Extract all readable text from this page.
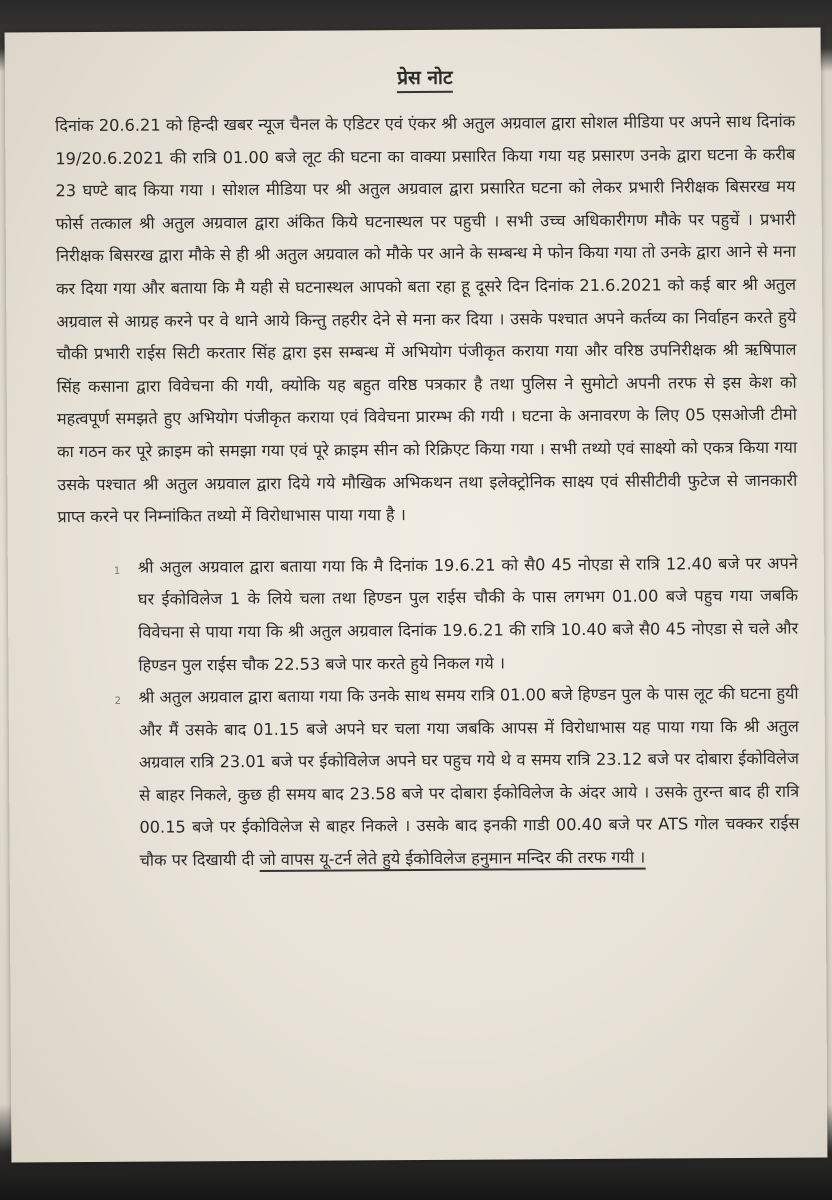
प्रेस नोट

दिनांक 20.6.21 को हिन्दी खबर न्यूज चैनल के एडिटर एवं एंकर श्री अतुल अग्रवाल द्वारा सोशल मीडिया पर अपने साथ दिनांक 19/20.6.2021 की रात्रि 01.00 बजे लूट की घटना का वाक्या प्रसारित किया गया यह प्रसारण उनके द्वारा घटना के करीब 23 घण्टे बाद किया गया । सोशल मीडिया पर श्री अतुल अग्रवाल द्वारा प्रसारित घटना को लेकर प्रभारी निरीक्षक बिसरख मय फोर्स तत्काल श्री अतुल अग्रवाल द्वारा अंकित किये घटनास्थल पर पहुची । सभी उच्च अधिकारीगण मौके पर पहुचें । प्रभारी निरीक्षक बिसरख द्वारा मौके से ही श्री अतुल अग्रवाल को मौके पर आने के सम्बन्ध मे फोन किया गया तो उनके द्वारा आने से मना कर दिया गया और बताया कि मै यही से घटनास्थल आपको बता रहा हू दूसरे दिन दिनांक 21.6.2021 को कई बार श्री अतुल अग्रवाल से आग्रह करने पर वे थाने आये किन्तु तहरीर देने से मना कर दिया । उसके पश्चात अपने कर्तव्य का निर्वाहन करते हुये चौकी प्रभारी राईस सिटी करतार सिंह द्वारा इस सम्बन्ध में अभियोग पंजीकृत कराया गया और वरिष्ठ उपनिरीक्षक श्री ऋषिपाल सिंह कसाना द्वारा विवेचना की गयी, क्योकि यह बहुत वरिष्ठ पत्रकार है तथा पुलिस ने सुमोटो अपनी तरफ से इस केश को महत्वपूर्ण समझते हुए अभियोग पंजीकृत कराया एवं विवेचना प्रारम्भ की गयी । घटना के अनावरण के लिए 05 एसओजी टीमो का गठन कर पूरे क्राइम को समझा गया एवं पूरे क्राइम सीन को रिक्रिएट किया गया । सभी तथ्यो एवं साक्ष्यो को एकत्र किया गया उसके पश्चात श्री अतुल अग्रवाल द्वारा दिये गये मौखिक अभिकथन तथा इलेक्ट्रोनिक साक्ष्य एवं सीसीटीवी फुटेज से जानकारी प्राप्त करने पर निम्नांकित तथ्यो में विरोधाभास पाया गया है ।

1 श्री अतुल अग्रवाल द्वारा बताया गया कि मै दिनांक 19.6.21 को सै0 45 नोएडा से रात्रि 12.40 बजे पर अपने घर ईकोविलेज 1 के लिये चला तथा हिण्डन पुल राईस चौकी के पास लगभग 01.00 बजे पहुच गया जबकि विवेचना से पाया गया कि श्री अतुल अग्रवाल दिनांक 19.6.21 की रात्रि 10.40 बजे सै0 45 नोएडा से चले और हिण्डन पुल राईस चौक 22.53 बजे पार करते हुये निकल गये ।
2 श्री अतुल अग्रवाल द्वारा बताया गया कि उनके साथ समय रात्रि 01.00 बजे हिण्डन पुल के पास लूट की घटना हुयी और मैं उसके बाद 01.15 बजे अपने घर चला गया जबकि आपस में विरोधाभास यह पाया गया कि श्री अतुल अग्रवाल रात्रि 23.01 बजे पर ईकोविलेज अपने घर पहुच गये थे व समय रात्रि 23.12 बजे पर दोबारा ईकोविलेज से बाहर निकले, कुछ ही समय बाद 23.58 बजे पर दोबारा ईकोविलेज के अंदर आये । उसके तुरन्त बाद ही रात्रि 00.15 बजे पर ईकोविलेज से बाहर निकले । उसके बाद इनकी गाडी 00.40 बजे पर ATS गोल चक्कर राईस चौक पर दिखायी दी जो वापस यू-टर्न लेते हुये ईकोविलेज हनुमान मन्दिर की तरफ गयी ।
